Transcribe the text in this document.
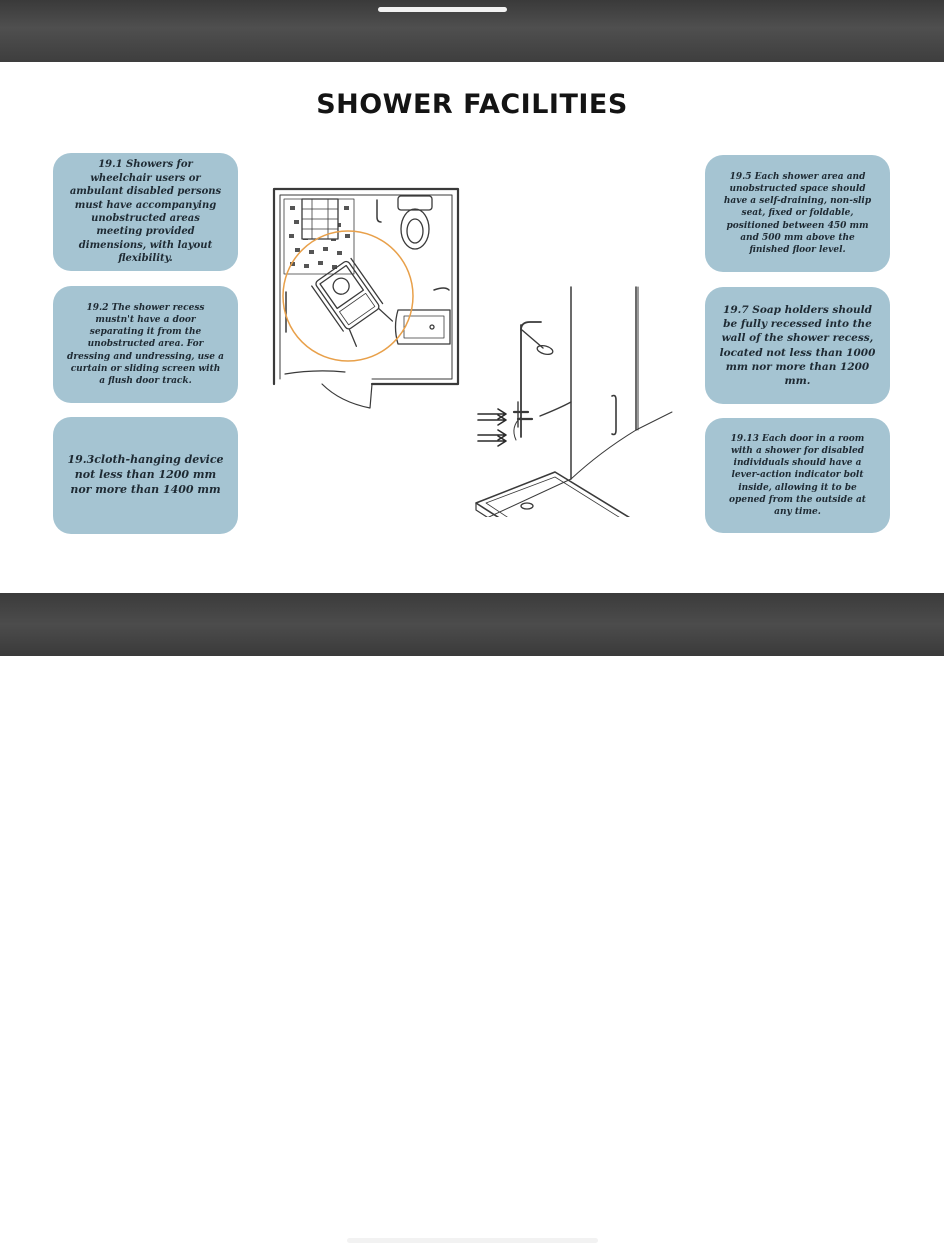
SHOWER FACILITIES
19.1 Showers for wheelchair users or ambulant disabled persons must have accompanying unobstructed areas meeting provided dimensions, with layout flexibility.
19.2 The shower recess mustn't have a door separating it from the unobstructed area. For dressing and undressing, use a curtain or sliding screen with a flush door track.
19.3cloth-hanging device not less than 1200 mm nor more than 1400 mm
19.5 Each shower area and unobstructed space should have a self-draining, non-slip seat, fixed or foldable, positioned between 450 mm and 500 mm above the finished floor level.
19.7 Soap holders should be fully recessed into the wall of the shower recess, located not less than 1000 mm nor more than 1200 mm.
19.13 Each door in a room with a shower for disabled individuals should have a lever-action indicator bolt inside, allowing it to be opened from the outside at any time.
